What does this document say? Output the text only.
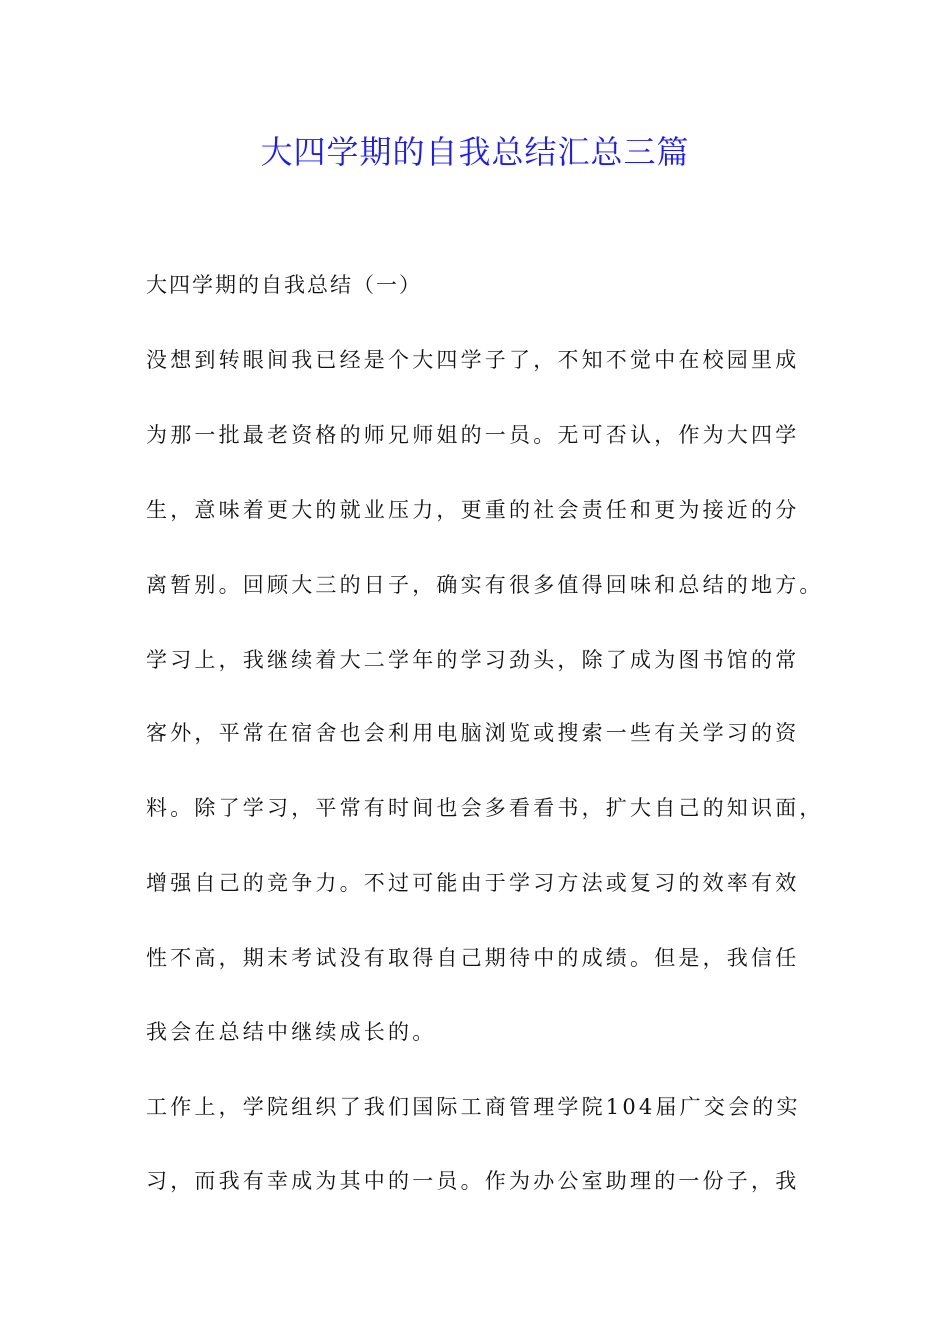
大四学期的自我总结汇总三篇

大四学期的自我总结（一）

没想到转眼间我已经是个大四学子了，不知不觉中在校园里成

为那一批最老资格的师兄师姐的一员。无可否认，作为大四学

生，意味着更大的就业压力，更重的社会责任和更为接近的分

离暂别。回顾大三的日子，确实有很多值得回味和总结的地方。

学习上，我继续着大二学年的学习劲头，除了成为图书馆的常

客外，平常在宿舍也会利用电脑浏览或搜索一些有关学习的资

料。除了学习，平常有时间也会多看看书，扩大自己的知识面，

增强自己的竞争力。不过可能由于学习方法或复习的效率有效

性不高，期末考试没有取得自己期待中的成绩。但是，我信任

我会在总结中继续成长的。

工作上，学院组织了我们国际工商管理学院104届广交会的实

习，而我有幸成为其中的一员。作为办公室助理的一份子，我
